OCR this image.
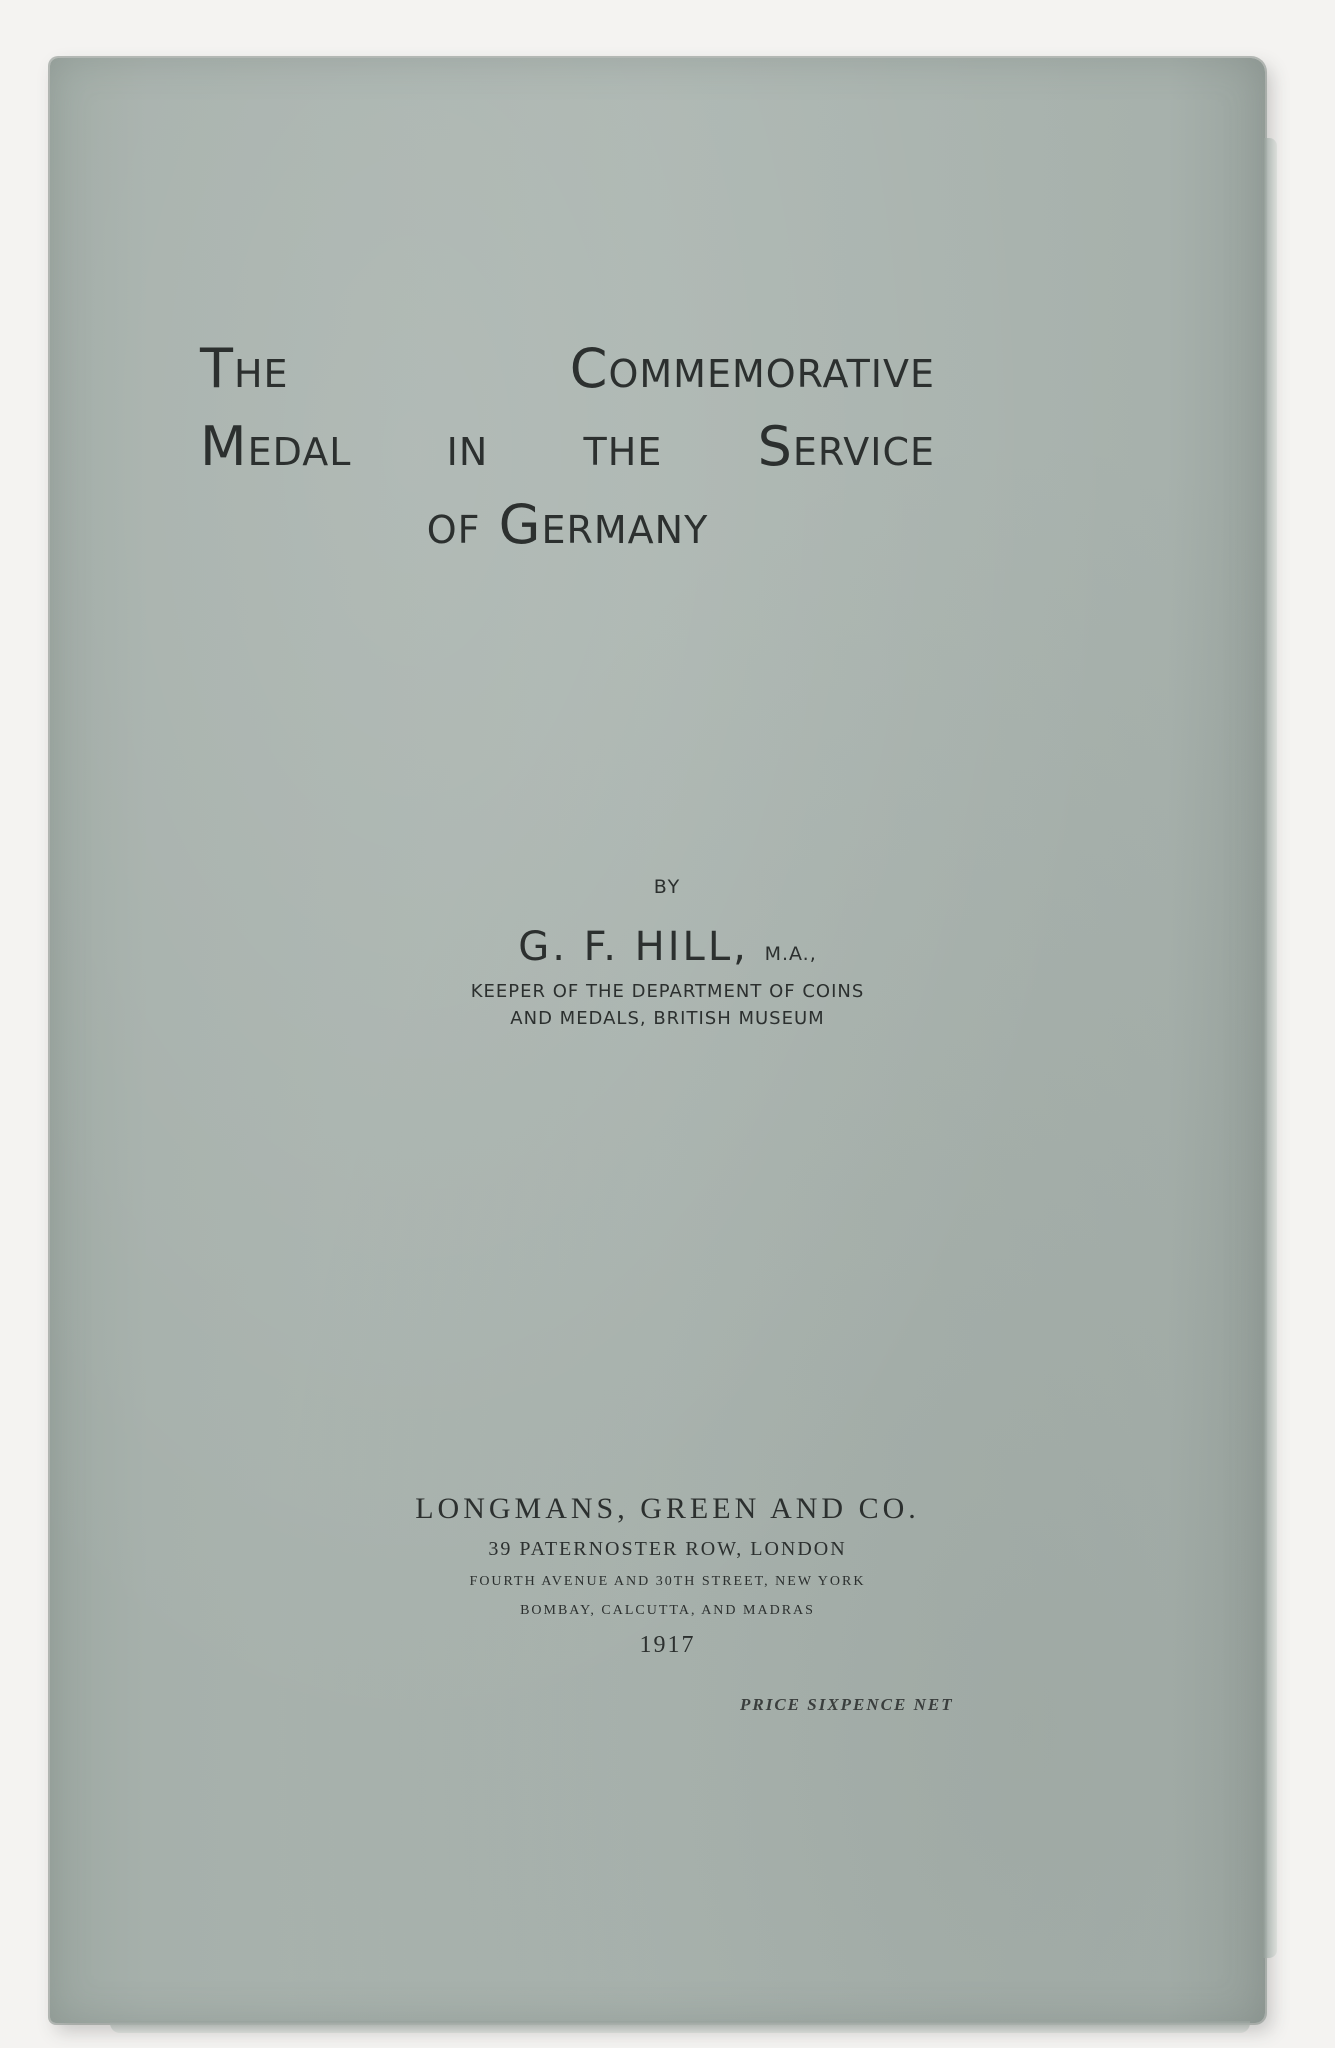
The Commemorative
Medal in the Service
of Germany
BY
G. F. HILL, M.A.,
KEEPER OF THE DEPARTMENT OF COINS
AND MEDALS, BRITISH MUSEUM
LONGMANS, GREEN AND CO.
39 PATERNOSTER ROW, LONDON
FOURTH AVENUE AND 30TH STREET, NEW YORK
BOMBAY, CALCUTTA, AND MADRAS
1917
PRICE SIXPENCE NET
